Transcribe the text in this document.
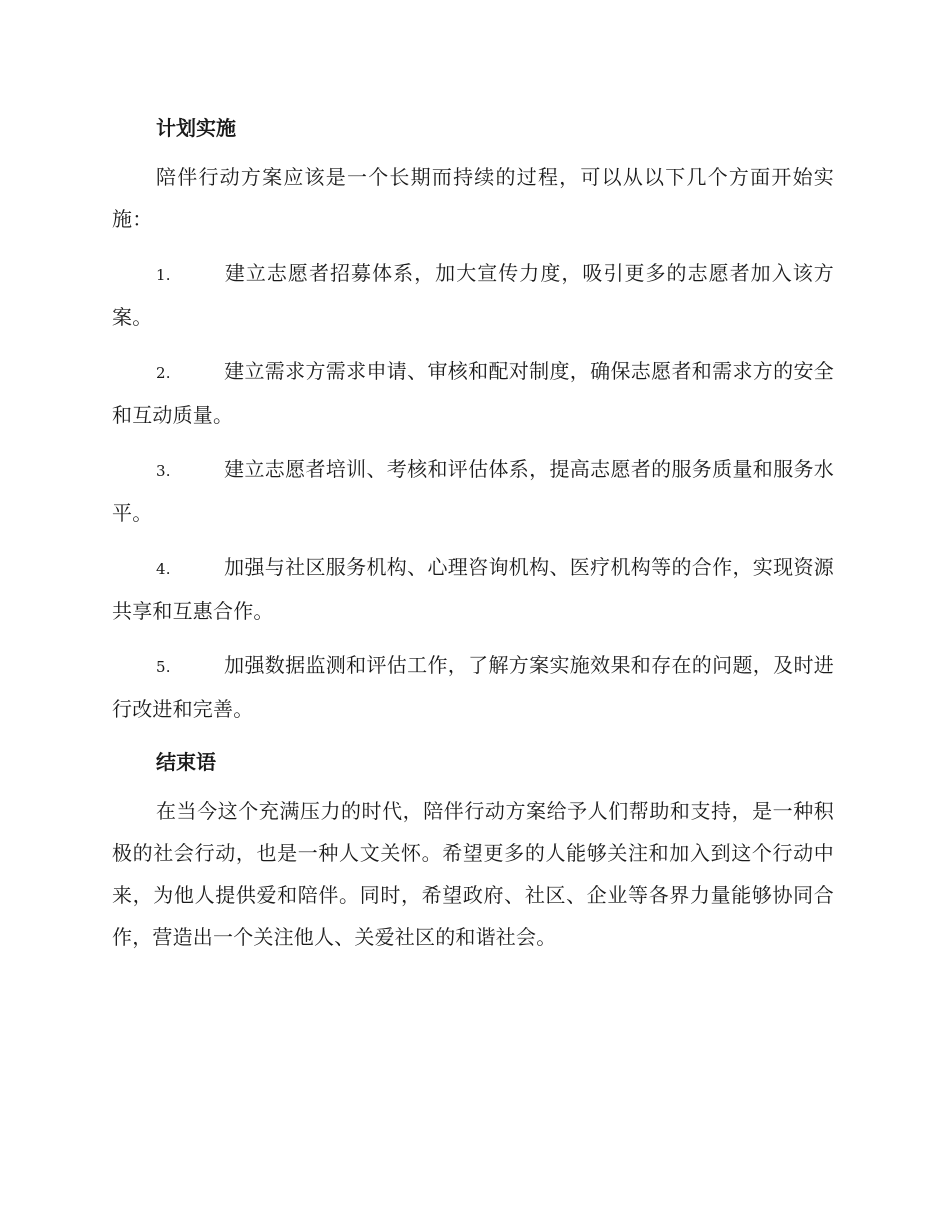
计划实施

陪伴行动方案应该是一个长期而持续的过程，可以从以下几个方面开始实施：

1.	建立志愿者招募体系，加大宣传力度，吸引更多的志愿者加入该方案。

2.	建立需求方需求申请、审核和配对制度，确保志愿者和需求方的安全和互动质量。

3.	建立志愿者培训、考核和评估体系，提高志愿者的服务质量和服务水平。

4.	加强与社区服务机构、心理咨询机构、医疗机构等的合作，实现资源共享和互惠合作。

5.	加强数据监测和评估工作，了解方案实施效果和存在的问题，及时进行改进和完善。

结束语

在当今这个充满压力的时代，陪伴行动方案给予人们帮助和支持，是一种积极的社会行动，也是一种人文关怀。希望更多的人能够关注和加入到这个行动中来，为他人提供爱和陪伴。同时，希望政府、社区、企业等各界力量能够协同合作，营造出一个关注他人、关爱社区的和谐社会。
